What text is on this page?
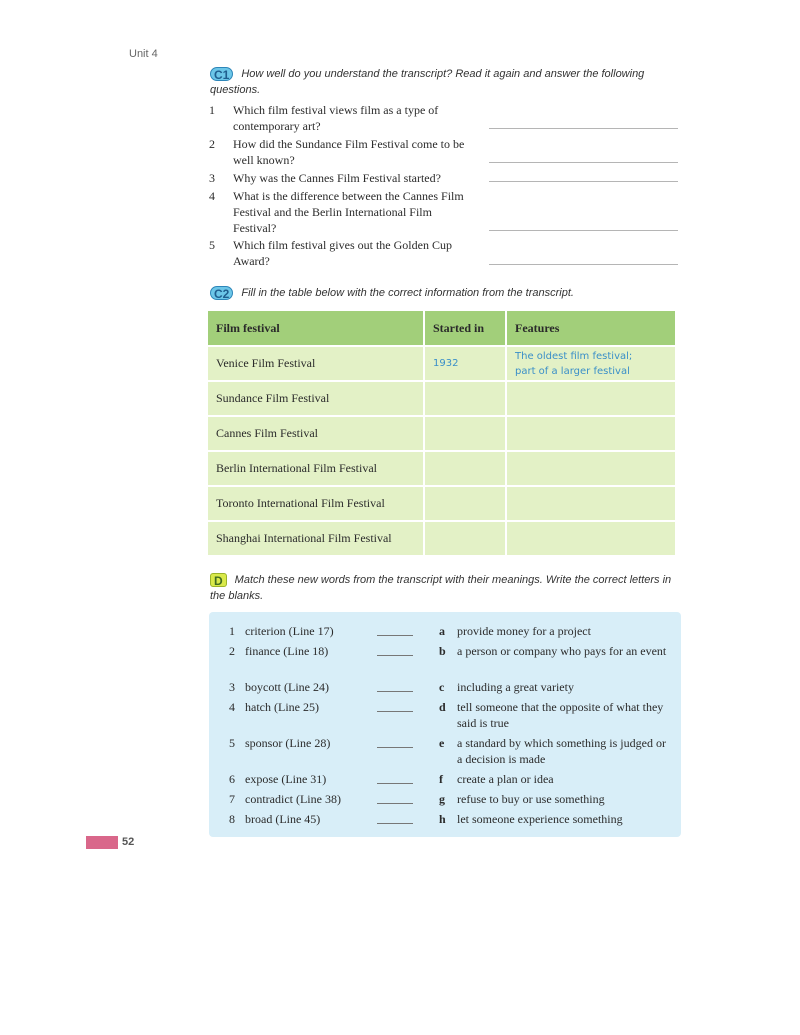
Unit 4
C1 How well do you understand the transcript? Read it again and answer the following questions.
1	Which film festival views film as a type of contemporary art?
2	How did the Sundance Film Festival come to be well known?
3	Why was the Cannes Film Festival started?
4	What is the difference between the Cannes Film Festival and the Berlin International Film Festival?
5	Which film festival gives out the Golden Cup Award?
C2 Fill in the table below with the correct information from the transcript.
Film festival	Started in	Features
Venice Film Festival	1932	The oldest film festival;
part of a larger festival

Sundance Film Festival		
Cannes Film Festival		
Berlin International Film Festival		
Toronto International Film Festival		
Shanghai International Film Festival		
D Match these new words from the transcript with their meanings. Write the correct letters in the blanks.
1 criterion (Line 17)	a provide money for a project
2 finance (Line 18)	b a person or company who pays for an event
3 boycott (Line 24)	c including a great variety
4 hatch (Line 25)	d tell someone that the opposite of what they said is true
5 sponsor (Line 28)	e a standard by which something is judged or a decision is made
6 expose (Line 31)	f create a plan or idea
7 contradict (Line 38)	g refuse to buy or use something
8 broad (Line 45)	h let someone experience something
52
